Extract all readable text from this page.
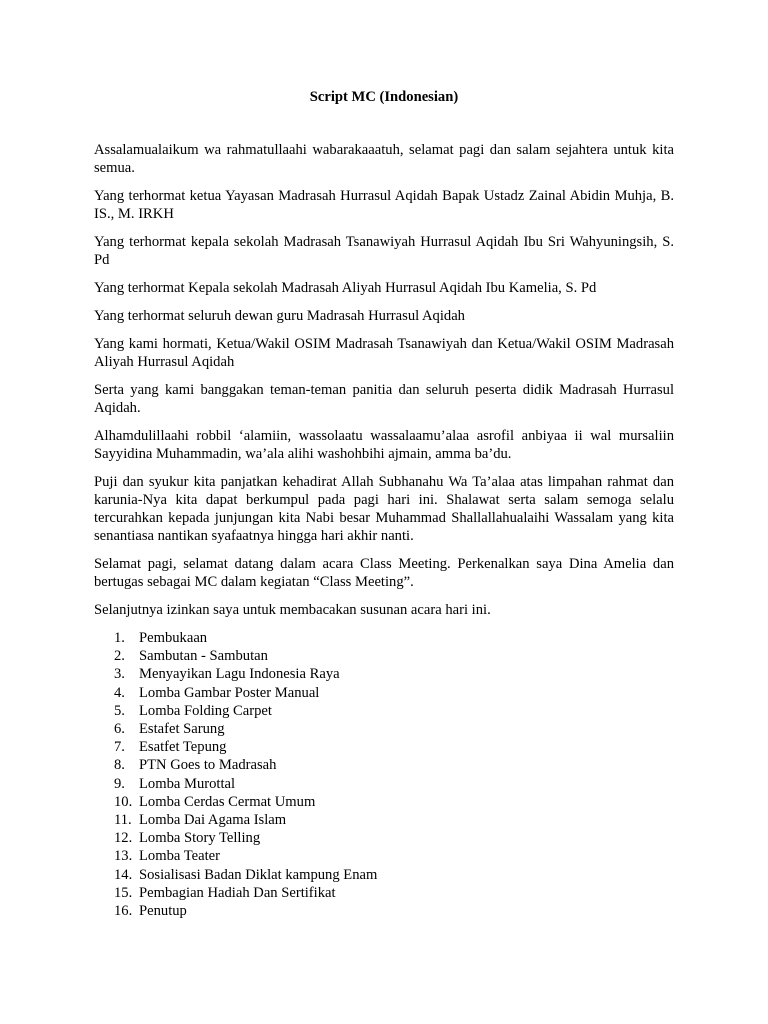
Script MC (Indonesian)

Assalamualaikum wa rahmatullaahi wabarakaaatuh, selamat pagi dan salam sejahtera untuk kita semua.

Yang terhormat ketua Yayasan Madrasah Hurrasul Aqidah Bapak Ustadz Zainal Abidin Muhja, B. IS., M. IRKH

Yang terhormat kepala sekolah Madrasah Tsanawiyah Hurrasul Aqidah Ibu Sri Wahyuningsih, S. Pd

Yang terhormat Kepala sekolah Madrasah Aliyah Hurrasul Aqidah Ibu Kamelia, S. Pd

Yang terhormat seluruh dewan guru Madrasah Hurrasul Aqidah

Yang kami hormati, Ketua/Wakil OSIM Madrasah Tsanawiyah dan Ketua/Wakil OSIM Madrasah Aliyah Hurrasul Aqidah

Serta yang kami banggakan teman-teman panitia dan seluruh peserta didik Madrasah Hurrasul Aqidah.

Alhamdulillaahi robbil ‘alamiin, wassolaatu wassalaamu’alaa asrofil anbiyaa ii wal mursaliin Sayyidina Muhammadin, wa’ala alihi washohbihi ajmain, amma ba’du.

Puji dan syukur kita panjatkan kehadirat Allah Subhanahu Wa Ta’alaa atas limpahan rahmat dan karunia-Nya kita dapat berkumpul pada pagi hari ini. Shalawat serta salam semoga selalu tercurahkan kepada junjungan kita Nabi besar Muhammad Shallallahualaihi Wassalam yang kita senantiasa nantikan syafaatnya hingga hari akhir nanti.

Selamat pagi, selamat datang dalam acara Class Meeting. Perkenalkan saya Dina Amelia dan bertugas sebagai MC dalam kegiatan “Class Meeting”.

Selanjutnya izinkan saya untuk membacakan susunan acara hari ini.

1. Pembukaan
2. Sambutan - Sambutan
3. Menyayikan Lagu Indonesia Raya
4. Lomba Gambar Poster Manual
5. Lomba Folding Carpet
6. Estafet Sarung
7. Esatfet Tepung
8. PTN Goes to Madrasah
9. Lomba Murottal
10. Lomba Cerdas Cermat Umum
11. Lomba Dai Agama Islam
12. Lomba Story Telling
13. Lomba Teater
14. Sosialisasi Badan Diklat kampung Enam
15. Pembagian Hadiah Dan Sertifikat
16. Penutup
